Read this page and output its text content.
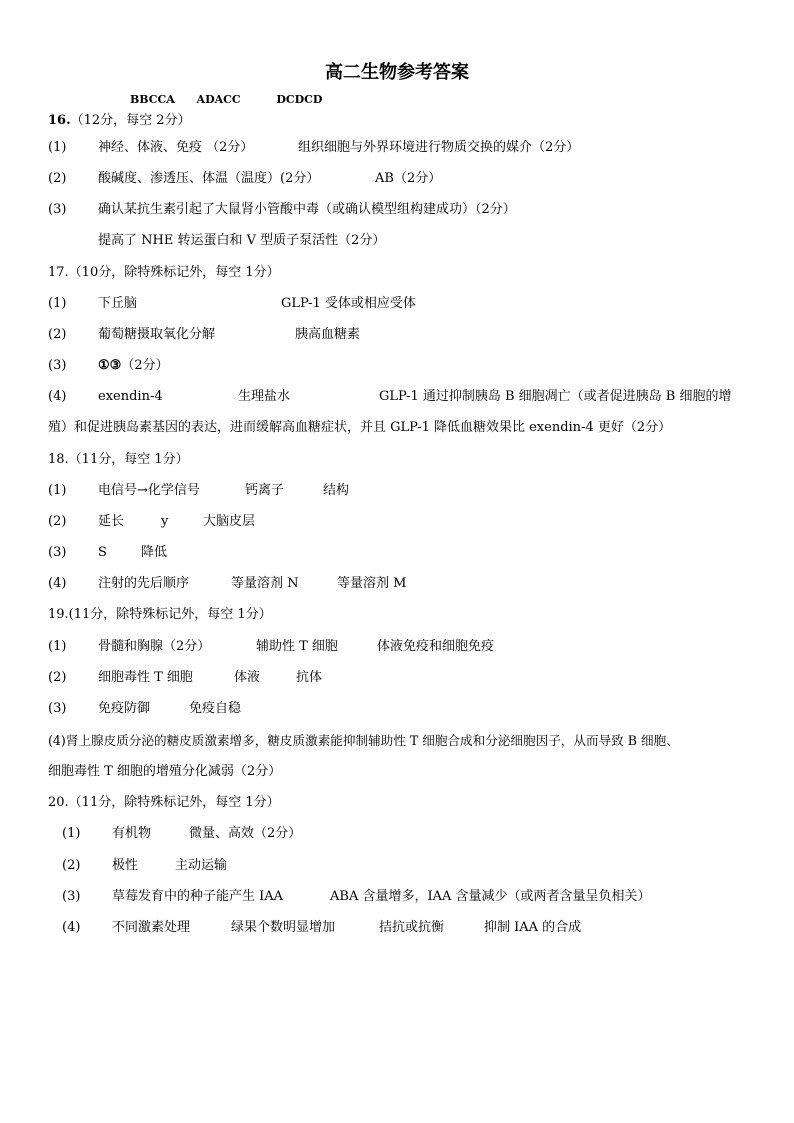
高二生物参考答案
BBCCA ADACC	DCDCD
16.（12分，每空 2分）
(1) 神经、体液、免疫 （2分）	组织细胞与外界环境进行物质交换的媒介（2分）
(2) 酸碱度、渗透压、体温（温度）(2分）	AB（2分）
(3) 确认某抗生素引起了大鼠肾小管酸中毒（或确认模型组构建成功）（2分）
提高了 NHE 转运蛋白和 V 型质子泵活性（2分）
17.（10分，除特殊标记外，每空 1分）
(1) 下丘脑	GLP-1 受体或相应受体
(2) 葡萄糖摄取氧化分解	胰高血糖素
(3) ①③（2分）
(4) exendin-4	生理盐水	GLP-1 通过抑制胰岛 B 细胞凋亡（或者促进胰岛 B 细胞的增
殖）和促进胰岛素基因的表达，进而缓解高血糖症状，并且 GLP-1 降低血糖效果比 exendin-4 更好（2分）
18.（11分，每空 1分）
(1) 电信号→化学信号	钙离子	结构
(2) 延长	y	大脑皮层
(3) S	降低
(4) 注射的先后顺序	等量溶剂 N	等量溶剂 M
19.(11分，除特殊标记外，每空 1分）
(1) 骨髓和胸腺（2分）	辅助性 T 细胞	体液免疫和细胞免疫
(2) 细胞毒性 T 细胞	体液	抗体
(3) 免疫防御	免疫自稳
(4)肾上腺皮质分泌的糖皮质激素增多，糖皮质激素能抑制辅助性 T 细胞合成和分泌细胞因子，从而导致 B 细胞、
细胞毒性 T 细胞的增殖分化减弱（2分）
20.（11分，除特殊标记外，每空 1分）
(1) 有机物	微量、高效（2分）
(2) 极性	主动运输
(3) 草莓发育中的种子能产生 IAA	ABA 含量增多，IAA 含量减少（或两者含量呈负相关）
(4) 不同激素处理	绿果个数明显增加	拮抗或抗衡	抑制 IAA 的合成
